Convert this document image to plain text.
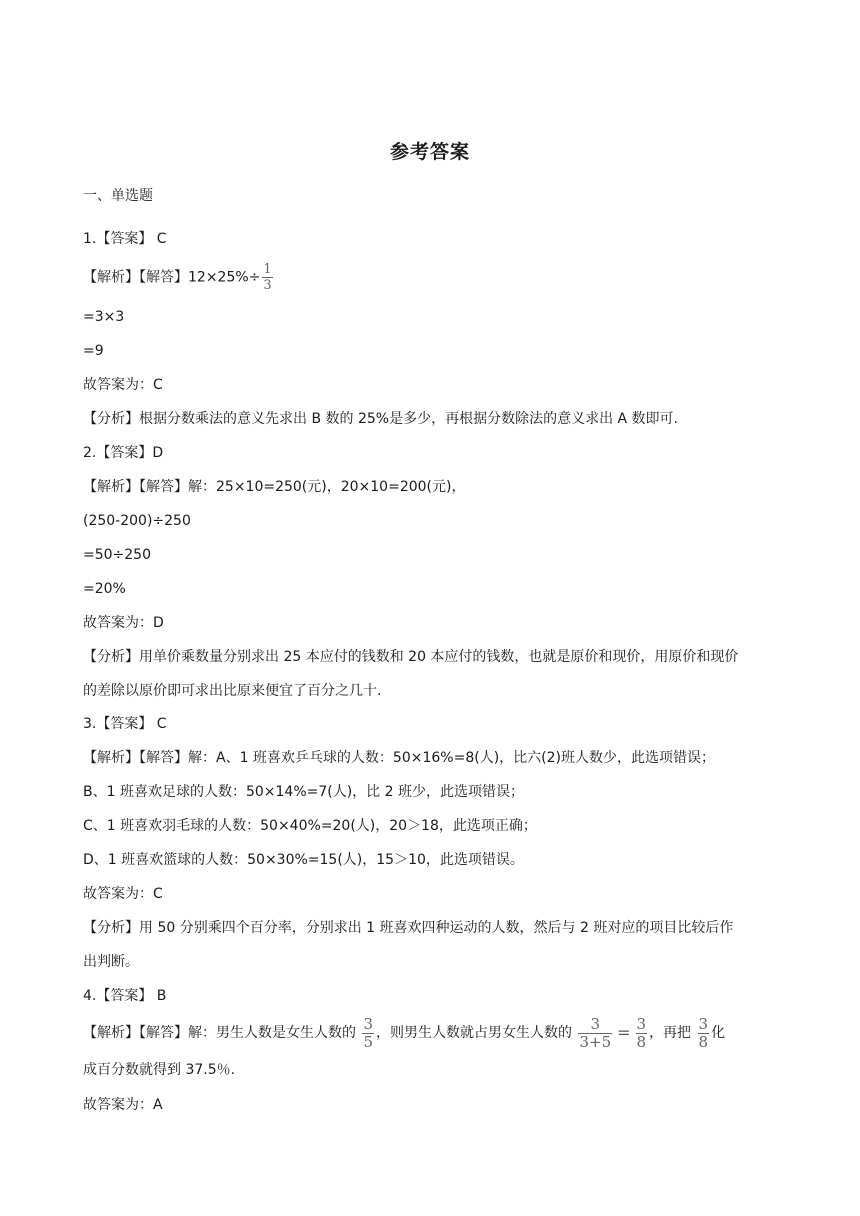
参考答案
一、单选题
1.【答案】 C
【解析】【解答】$12\times 25\%\div \frac{1}{3}$
=3×3
=9
故答案为：C
【分析】根据分数乘法的意义先求出 B 数的 25%是多少，再根据分数除法的意义求出 A 数即可.
2.【答案】D
【解析】【解答】解：25×10=250(元)，20×10=200(元)，
(250-200)÷250
=50÷250
=20%
故答案为：D
【分析】用单价乘数量分别求出 25 本应付的钱数和 20 本应付的钱数，也就是原价和现价，用原价和现价
的差除以原价即可求出比原来便宜了百分之几十.
3.【答案】 C
【解析】【解答】解：A、1 班喜欢乒乓球的人数：50×16%=8(人)，比六(2)班人数少，此选项错误；
B、1 班喜欢足球的人数：50×14%=7(人)，比 2 班少，此选项错误；
C、1 班喜欢羽毛球的人数：50×40%=20(人)，20＞18，此选项正确；
D、1 班喜欢篮球的人数：50×30%=15(人)，15＞10，此选项错误。
故答案为：C
【分析】用 50 分别乘四个百分率，分别求出 1 班喜欢四种运动的人数，然后与 2 班对应的项目比较后作
出判断。
4.【答案】 B
【解析】【解答】解：男生人数是女生人数的 $\frac{3}{5}$ ，则男生人数就占男女生人数的 $\frac{3}{3+5} = \frac{3}{8}$ ，再把 $\frac{3}{8}$ 化
成百分数就得到 37.5％.
故答案为：A
